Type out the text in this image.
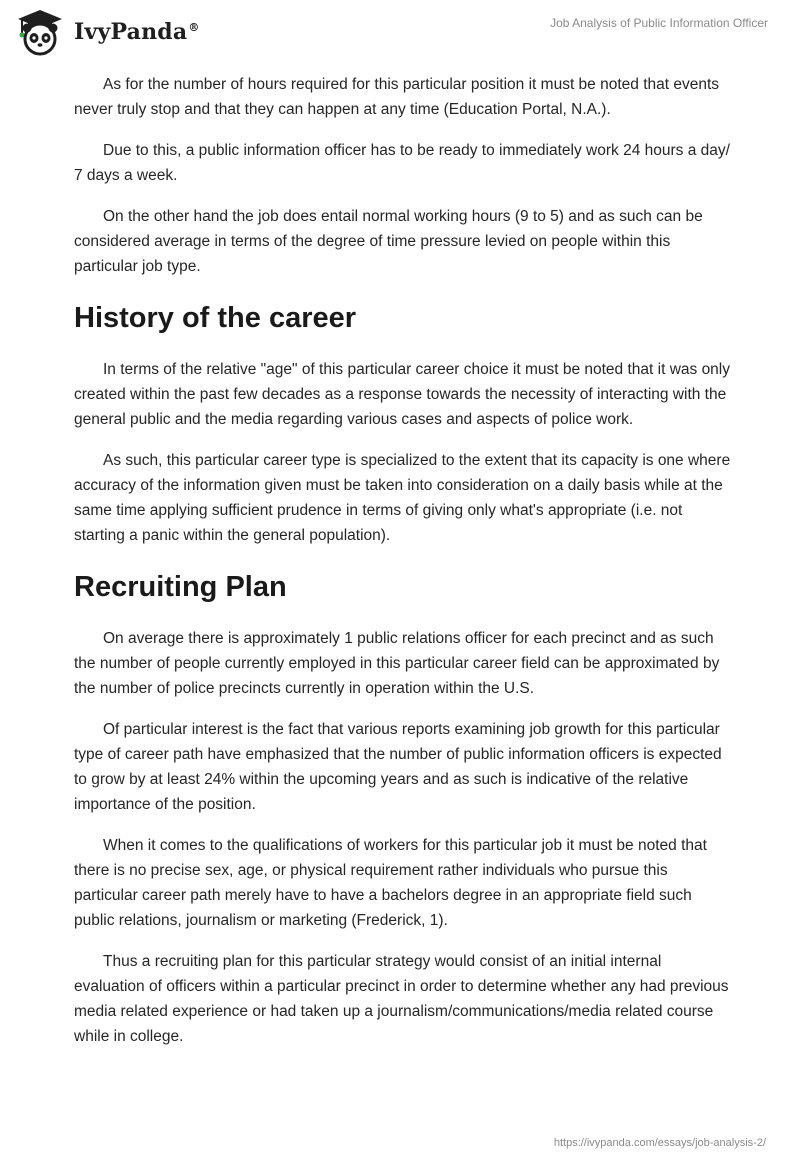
IvyPanda®	Job Analysis of Public Information Officer

As for the number of hours required for this particular position it must be noted that events never truly stop and that they can happen at any time (Education Portal, N.A.).

Due to this, a public information officer has to be ready to immediately work 24 hours a day/ 7 days a week.

On the other hand the job does entail normal working hours (9 to 5) and as such can be considered average in terms of the degree of time pressure levied on people within this particular job type.

History of the career

In terms of the relative "age" of this particular career choice it must be noted that it was only created within the past few decades as a response towards the necessity of interacting with the general public and the media regarding various cases and aspects of police work.

As such, this particular career type is specialized to the extent that its capacity is one where accuracy of the information given must be taken into consideration on a daily basis while at the same time applying sufficient prudence in terms of giving only what's appropriate (i.e. not starting a panic within the general population).

Recruiting Plan

On average there is approximately 1 public relations officer for each precinct and as such the number of people currently employed in this particular career field can be approximated by the number of police precincts currently in operation within the U.S.

Of particular interest is the fact that various reports examining job growth for this particular type of career path have emphasized that the number of public information officers is expected to grow by at least 24% within the upcoming years and as such is indicative of the relative importance of the position.

When it comes to the qualifications of workers for this particular job it must be noted that there is no precise sex, age, or physical requirement rather individuals who pursue this particular career path merely have to have a bachelors degree in an appropriate field such public relations, journalism or marketing (Frederick, 1).

Thus a recruiting plan for this particular strategy would consist of an initial internal evaluation of officers within a particular precinct in order to determine whether any had previous media related experience or had taken up a journalism/communications/media related course while in college.

https://ivypanda.com/essays/job-analysis-2/
